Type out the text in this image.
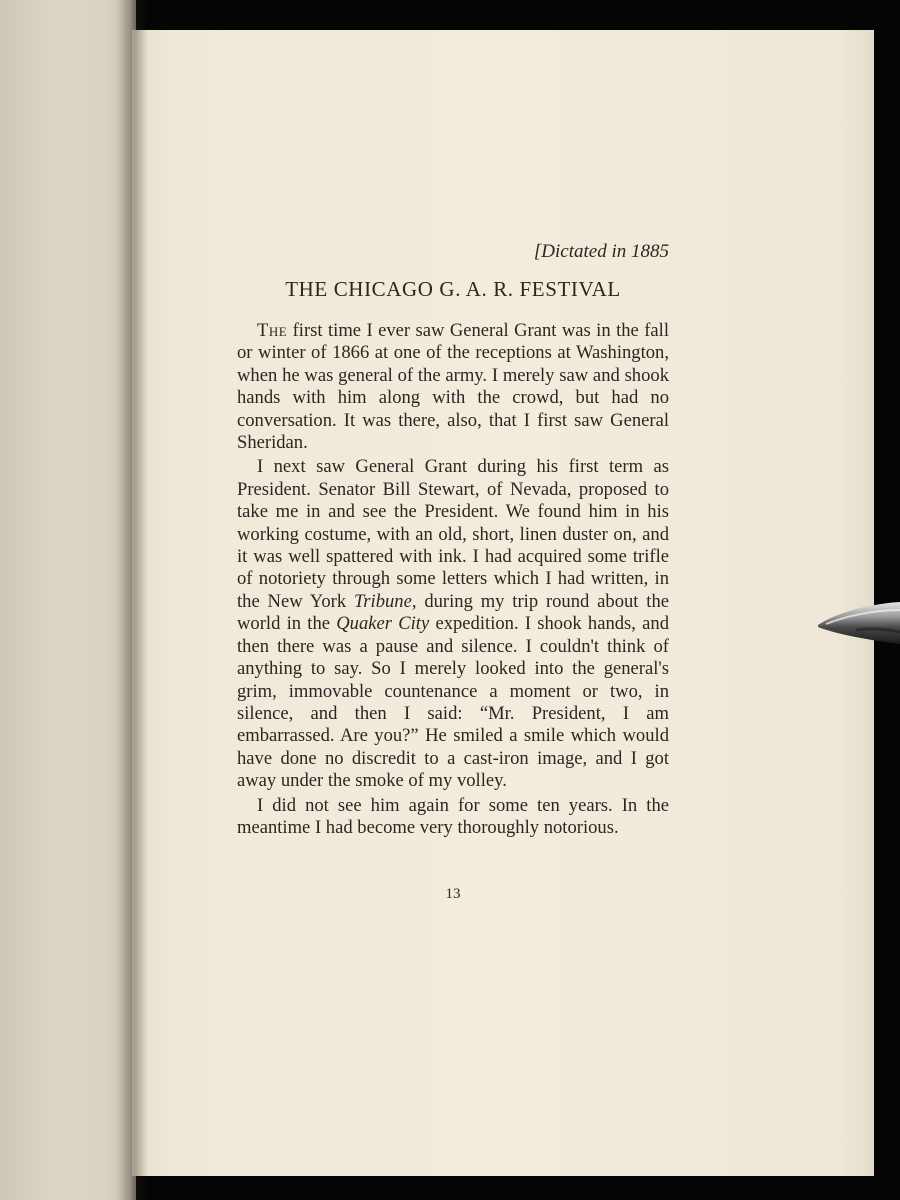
[Dictated in 1885
THE CHICAGO G. A. R. FESTIVAL

The first time I ever saw General Grant was in the fall or winter of 1866 at one of the receptions at Washington, when he was general of the army. I merely saw and shook hands with him along with the crowd, but had no conversation. It was there, also, that I first saw General Sheridan.

I next saw General Grant during his first term as President. Senator Bill Stewart, of Nevada, proposed to take me in and see the President. We found him in his working costume, with an old, short, linen duster on, and it was well spattered with ink. I had acquired some trifle of notoriety through some letters which I had written, in the New York Tribune, during my trip round about the world in the Quaker City expedition. I shook hands, and then there was a pause and silence. I couldn't think of anything to say. So I merely looked into the general's grim, immovable countenance a moment or two, in silence, and then I said: “Mr. President, I am embarrassed. Are you?” He smiled a smile which would have done no discredit to a cast-iron image, and I got away under the smoke of my volley.

I did not see him again for some ten years. In the meantime I had become very thoroughly notorious.

13
